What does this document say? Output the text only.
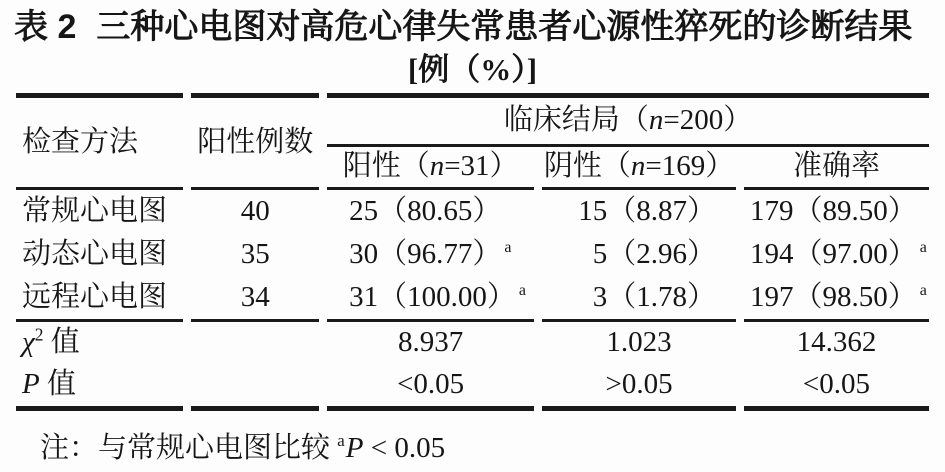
表 2 三种心电图对高危心律失常患者心源性猝死的诊断结果
[例（%）]
检查方法	阳性例数	临床结局（n=200）		
		阳性（n=31）	阴性（n=169）	准确率
常规心电图	40	25（80.65）	15（8.87）	179（89.50）
动态心电图	35	30（96.77） $^a$	5（2.96）	194（97.00） $^a$
远程心电图	34	31（100.00） $^a$	3（1.78）	197（98.50） $^a$
$\chi^2$ 值		8.937	1.023	14.362
P 值		<0.05	>0.05	<0.05
注：与常规心电图比较 $^a$P < 0.05
